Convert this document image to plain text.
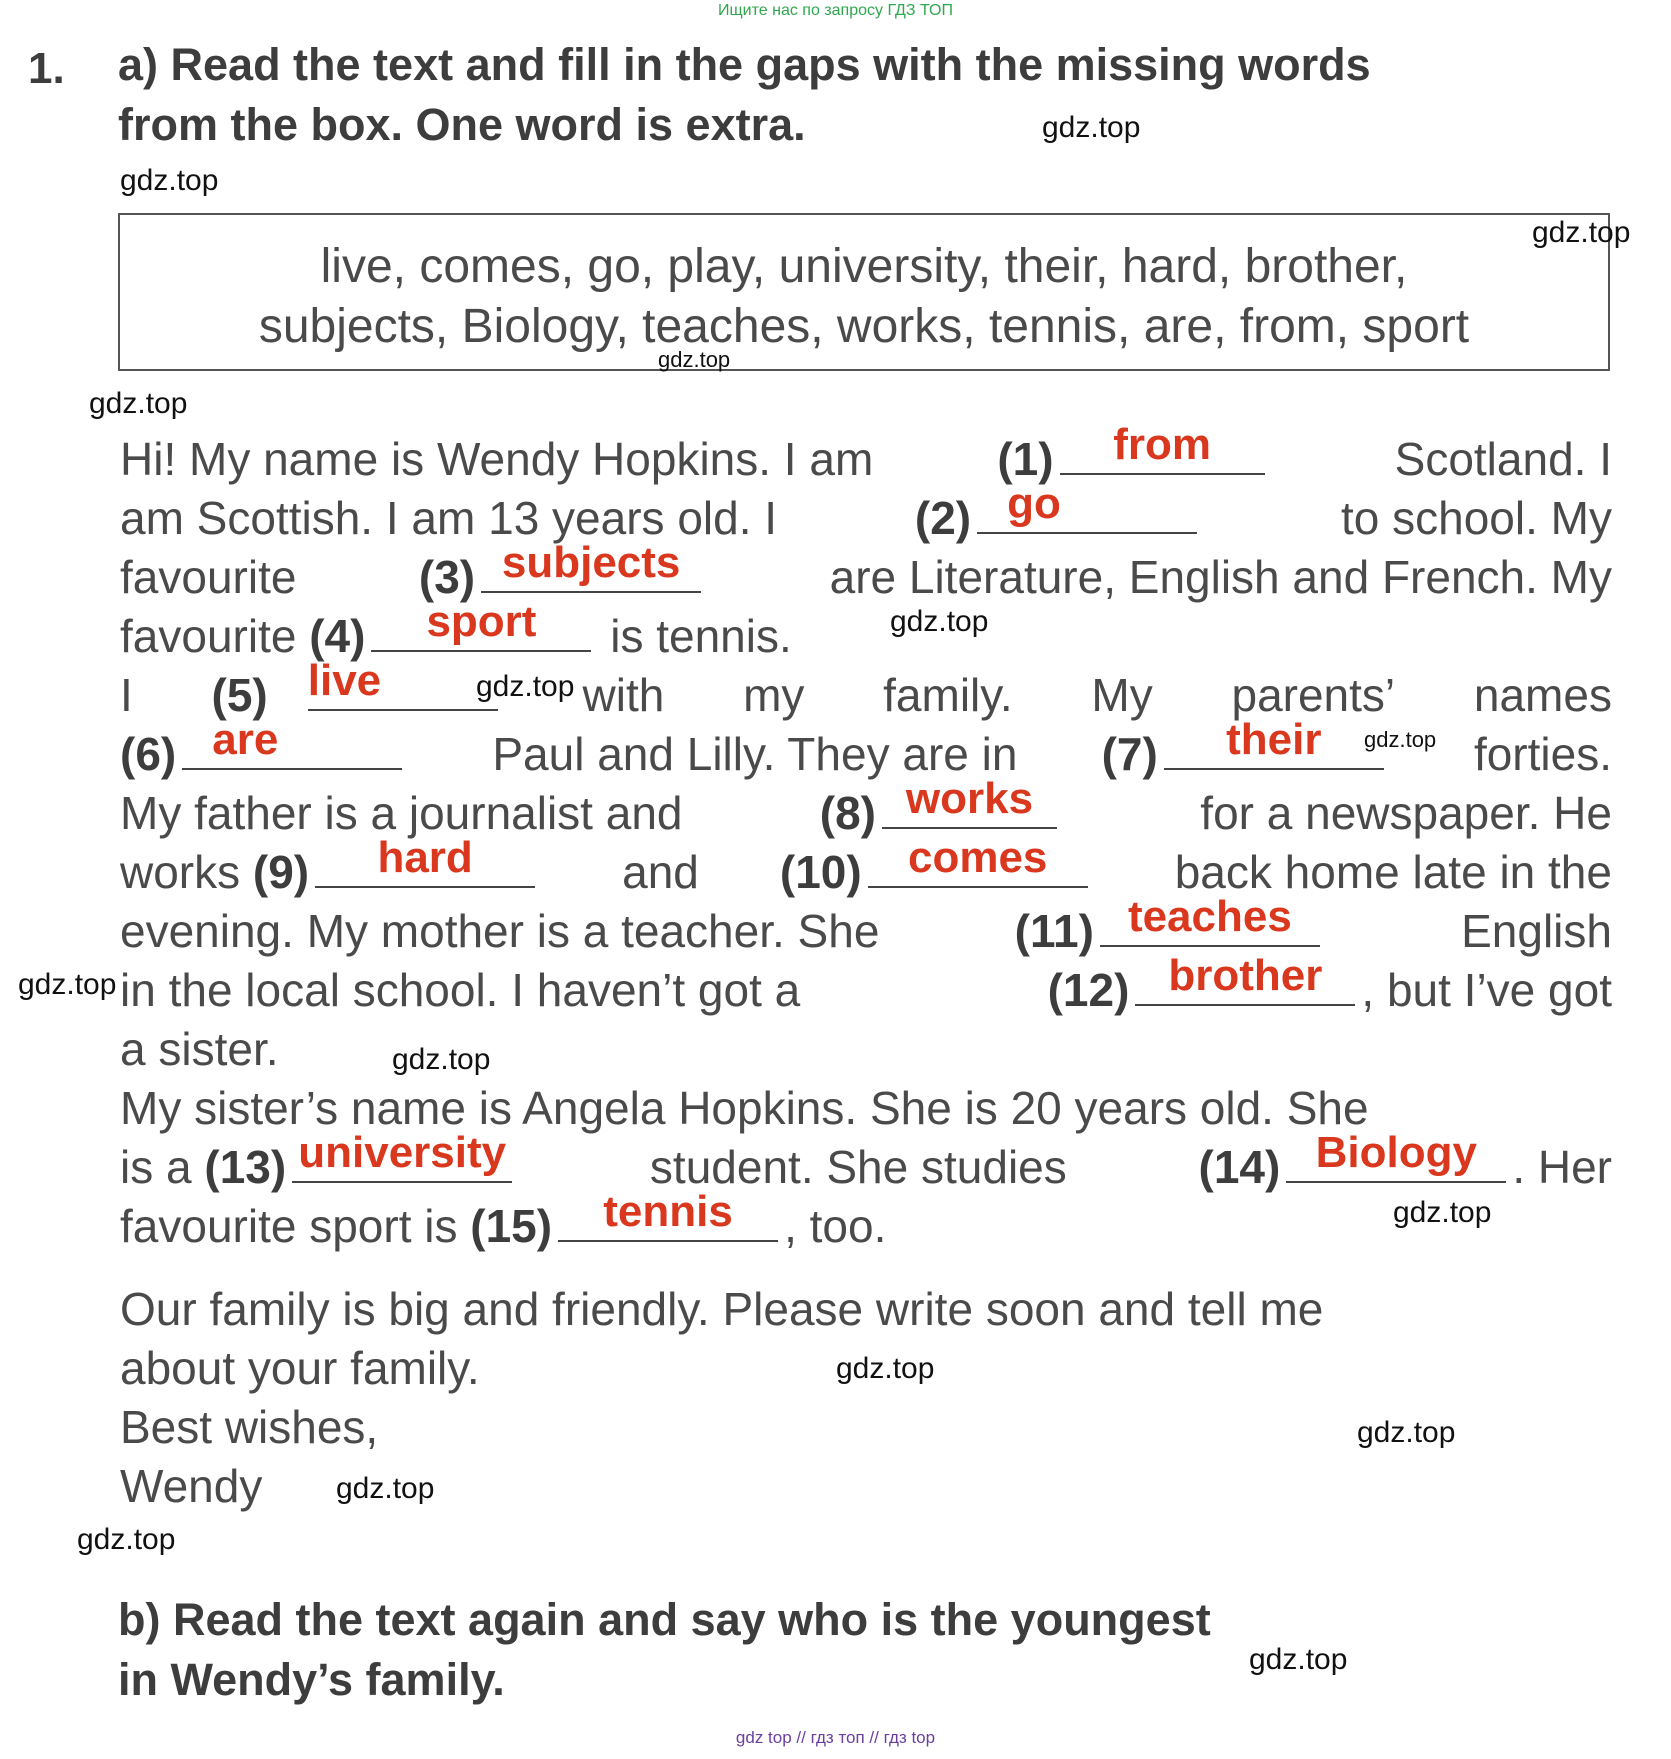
Ищите нас по запросу ГДЗ ТОП
1. a) Read the text and fill in the gaps with the missing words
from the box. One word is extra.
live, comes, go, play, university, their, hard, brother,
subjects, Biology, teaches, works, tennis, are, from, sport
Hi! My name is Wendy Hopkins. I am	(1)	from	Scotland. I
am Scottish. I am 13 years old. I	(2) go	to school. My
favourite	(3) subjects	are Literature, English and French. My
favourite (4)	sport	is tennis.
I (5) live	with my family. My parents’ names
(6) are	Paul and Lilly. They are in (7)	their	forties.
My father is a journalist and	(8) works	for a newspaper. He
works (9)	hard	and (10)	comes	back home late in the
evening. My mother is a teacher. She	(11) teaches	English
in the local school. I haven’t got a	(12) brother , but I’ve got
a sister.
My sister’s name is Angela Hopkins. She is 20 years old. She
is a (13) university	student. She studies	(14) Biology . Her
favourite sport is (15)	tennis	, too.
Our family is big and friendly. Please write soon and tell me
about your family.
Best wishes,
Wendy
b) Read the text again and say who is the youngest
in Wendy’s family.
gdz.top
gdz.top
gdz.top
gdz.top
gdz.top
gdz.top
gdz.top
gdz.top
gdz.top
gdz.top
gdz.top
gdz.top
gdz.top
gdz.top
gdz.top
gdz.top
gdz top // гдз топ // гдз top
